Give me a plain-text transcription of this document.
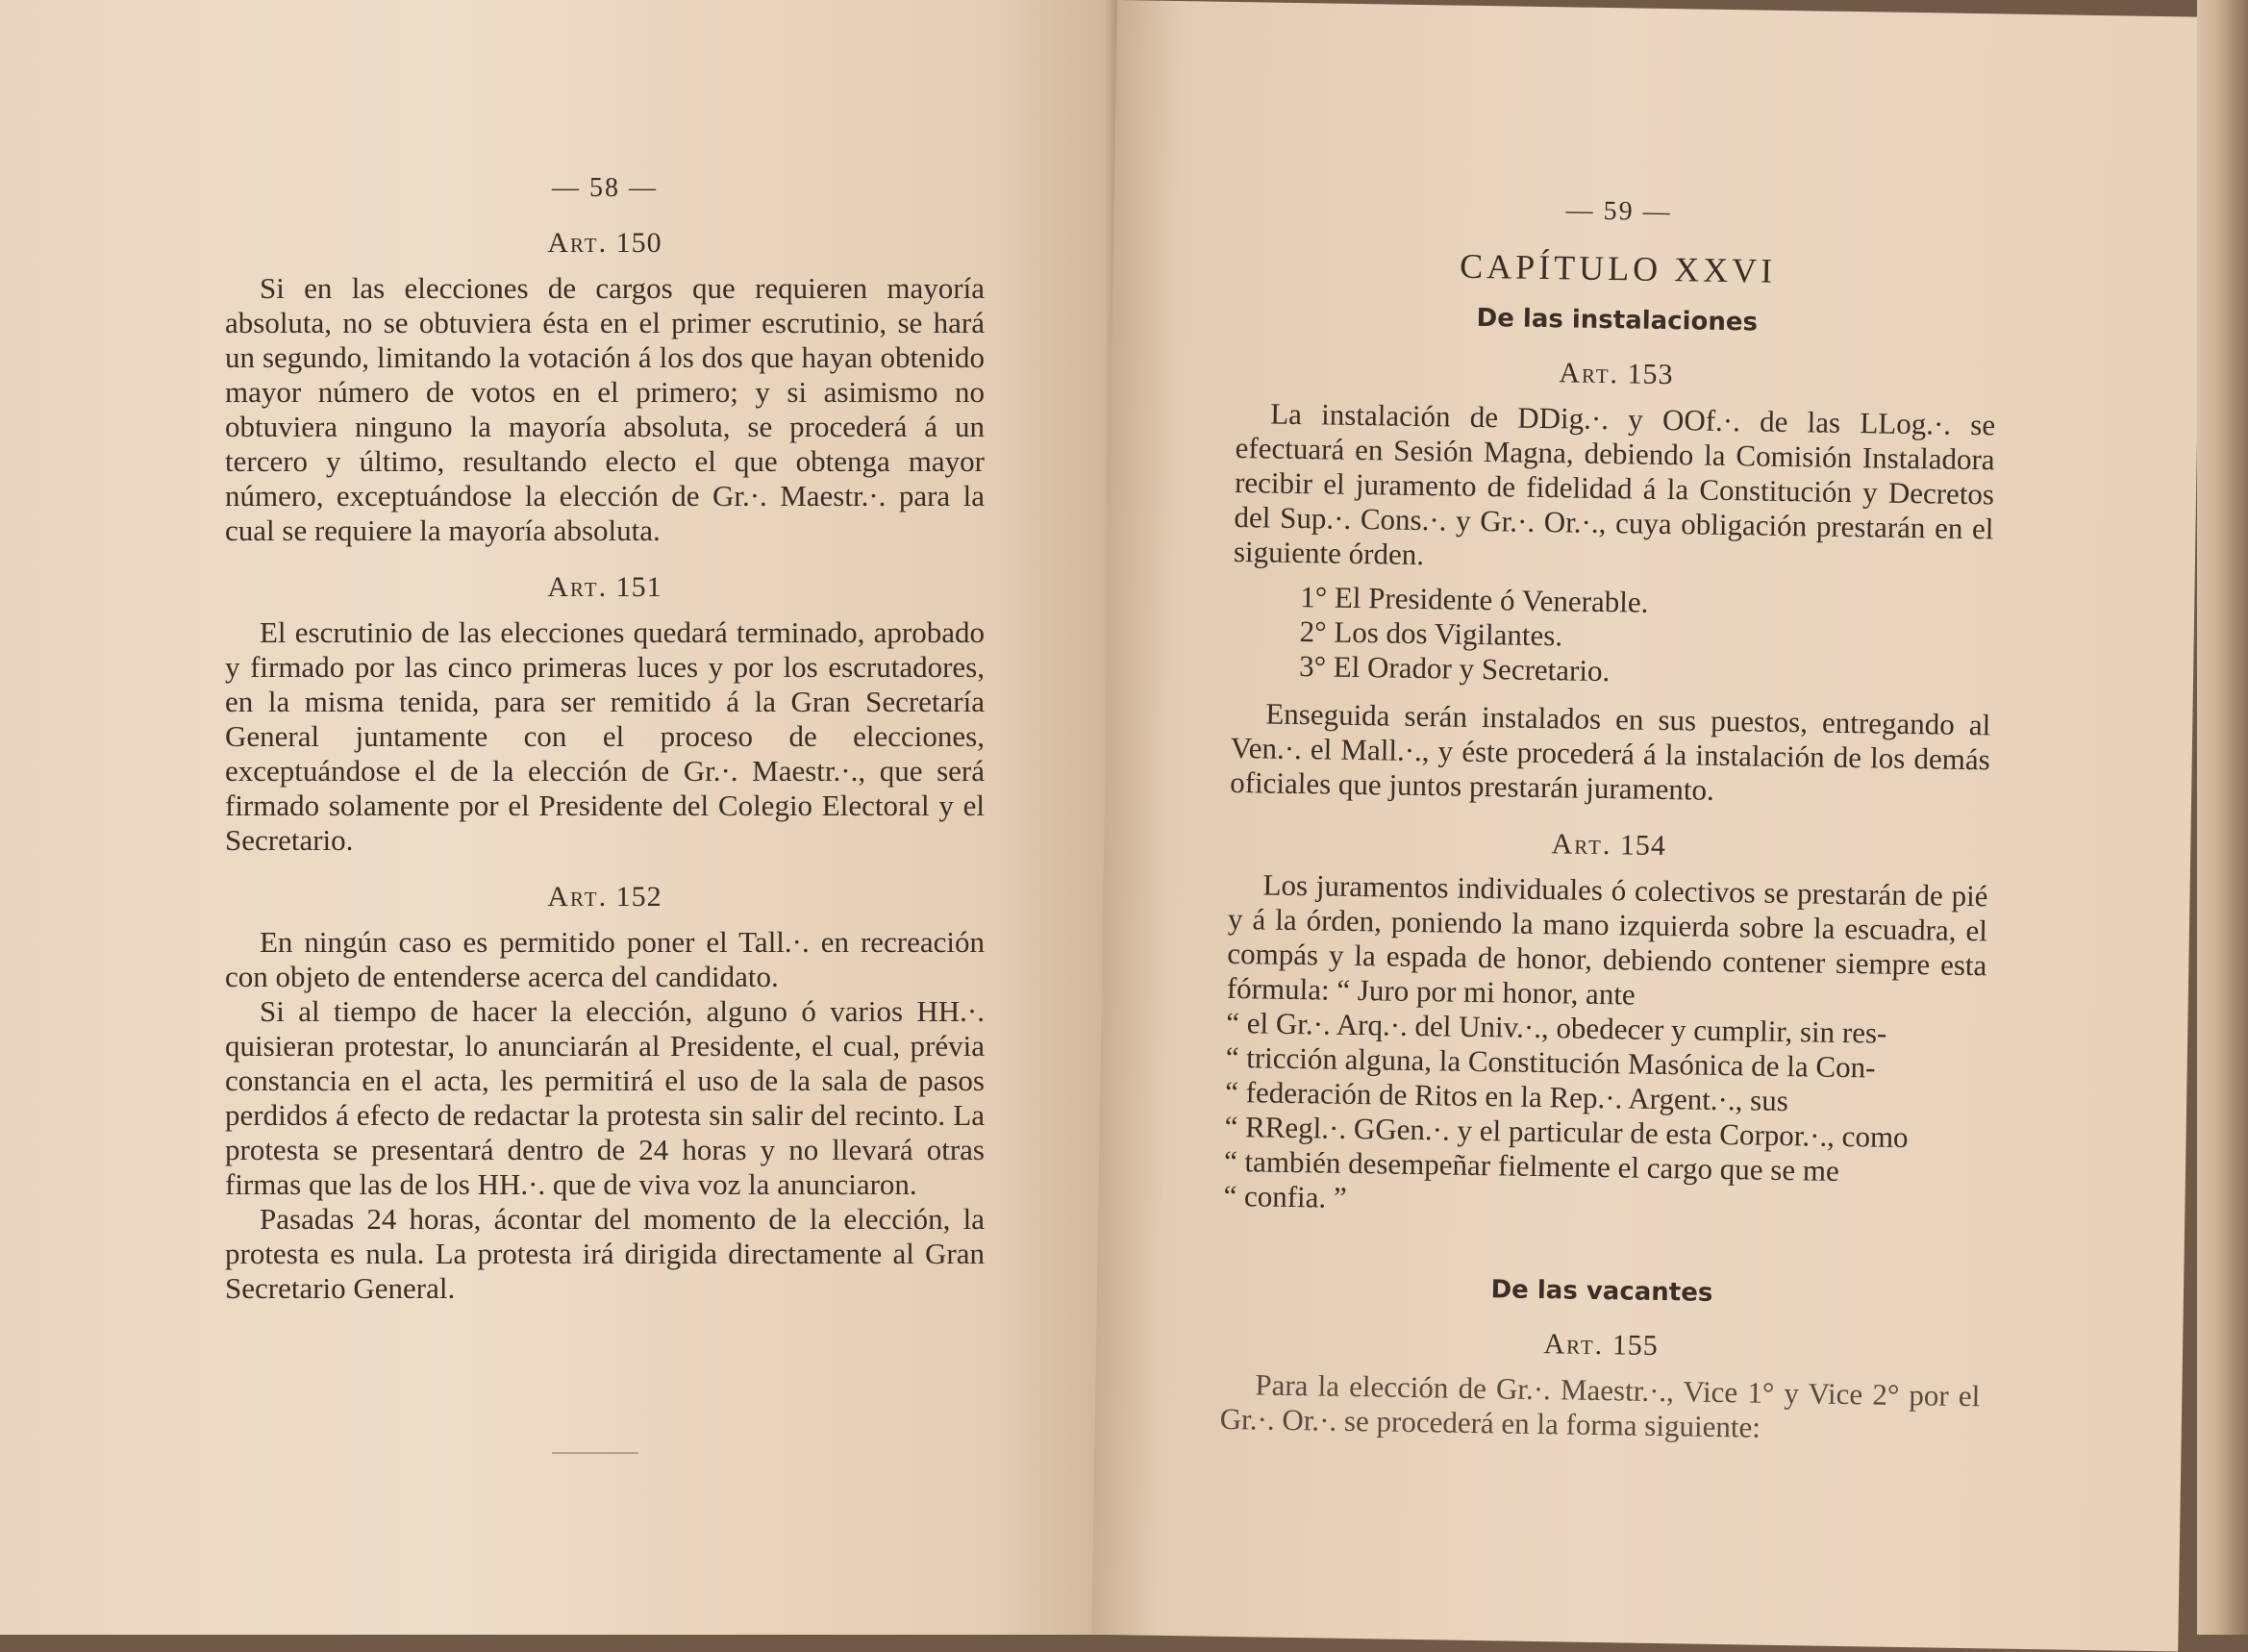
— 58 —
Art. 150

Si en las elecciones de cargos que requieren mayoría absoluta, no se obtuviera ésta en el primer escrutinio, se hará un segundo, limitando la votación á los dos que hayan obtenido mayor número de votos en el primero; y si asimismo no obtuviera ninguno la mayoría absoluta, se procederá á un tercero y último, resultando electo el que obtenga mayor número, exceptuándose la elección de Gr.·. Maestr.·. para la cual se requiere la mayoría absoluta.

Art. 151

El escrutinio de las elecciones quedará terminado, aprobado y firmado por las cinco primeras luces y por los escrutadores, en la misma tenida, para ser remitido á la Gran Secretaría General juntamente con el proceso de elecciones, exceptuándose el de la elección de Gr.·. Maestr.·., que será firmado solamente por el Presidente del Colegio Electoral y el Secretario.

Art. 152

En ningún caso es permitido poner el Tall.·. en recreación con objeto de entenderse acerca del candidato.

Si al tiempo de hacer la elección, alguno ó varios HH.·. quisieran protestar, lo anunciarán al Presidente, el cual, prévia constancia en el acta, les permitirá el uso de la sala de pasos perdidos á efecto de redactar la protesta sin salir del recinto. La protesta se presentará dentro de 24 horas y no llevará otras firmas que las de los HH.·. que de viva voz la anunciaron.

Pasadas 24 horas, ácontar del momento de la elección, la protesta es nula. La protesta irá dirigida directamente al Gran Secretario General.

— 59 —
CAPÍTULO XXVI
De las instalaciones
Art. 153

La instalación de DDig.·. y OOf.·. de las LLog.·. se efectuará en Sesión Magna, debiendo la Comisión Instaladora recibir el juramento de fidelidad á la Constitución y Decretos del Sup.·. Cons.·. y Gr.·. Or.·., cuya obligación prestarán en el siguiente órden.

1° El Presidente ó Venerable.
2° Los dos Vigilantes.
3° El Orador y Secretario.

Enseguida serán instalados en sus puestos, entregando al Ven.·. el Mall.·., y éste procederá á la instalación de los demás oficiales que juntos prestarán juramento.

Art. 154

Los juramentos individuales ó colectivos se prestarán de pié y á la órden, poniendo la mano izquierda sobre la escuadra, el compás y la espada de honor, debiendo contener siempre esta fórmula: “ Juro por mi honor, ante

“ el Gr.·. Arq.·. del Univ.·., obedecer y cumplir, sin res-
“ tricción alguna, la Constitución Masónica de la Con-
“ federación de Ritos en la Rep.·. Argent.·., sus
“ RRegl.·. GGen.·. y el particular de esta Corpor.·., como
“ también desempeñar fielmente el cargo que se me
“ confia. ”
De las vacantes
Art. 155

Para la elección de Gr.·. Maestr.·., Vice 1° y Vice 2° por el Gr.·. Or.·. se procederá en la forma siguiente:
